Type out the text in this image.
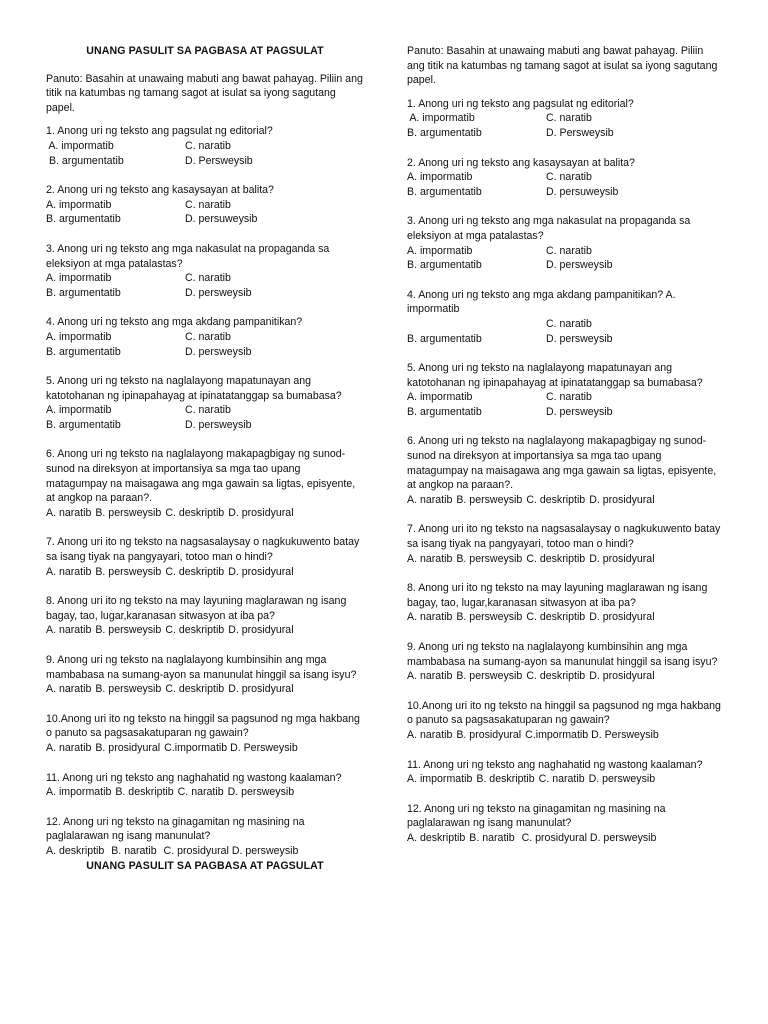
UNANG PASULIT SA PAGBASA AT PAGSULAT

Panuto: Basahin at unawaing mabuti ang bawat pahayag. Piliin ang titik na katumbas ng tamang sagot at isulat sa iyong sagutang papel.

1. Anong uri ng teksto ang pagsulat ng editorial?

A. impormatib	C. naratib
B. argumentatib	D. Persweysib

2. Anong uri ng teksto ang kasaysayan at balita?

A. impormatib	C. naratib
B. argumentatib	D. persuweysib

3. Anong uri ng teksto ang mga nakasulat na propaganda sa eleksiyon at mga patalastas?

A. impormatib	C. naratib
B. argumentatib	D. persweysib

4. Anong uri ng teksto ang mga akdang pampanitikan?

A. impormatib	C. naratib
B. argumentatib	D. persweysib

5. Anong uri ng teksto na naglalayong mapatunayan ang katotohanan ng ipinapahayag at ipinatatanggap sa bumabasa?

A. impormatib	C. naratib
B. argumentatib	D. persweysib

6. Anong uri ng teksto na naglalayong makapagbigay ng sunod-sunod na direksyon at importansiya sa mga tao upang matagumpay na maisagawa ang mga gawain sa ligtas, episyente, at angkop na paraan?.

A. naratib B. persweysib C. deskriptib D. prosidyural

7. Anong uri ito ng teksto na nagsasalaysay o nagkukuwento batay sa isang tiyak na pangyayari, totoo man o hindi?

A. naratib B. persweysib C. deskriptib D. prosidyural

8. Anong uri ito ng teksto na may layuning maglarawan ng isang bagay, tao, lugar,karanasan sitwasyon at iba pa?

A. naratib B. persweysib C. deskriptib D. prosidyural

9. Anong uri ng teksto na naglalayong kumbinsihin ang mga mambabasa na sumang-ayon sa manunulat hinggil sa isang isyu?

A. naratib B. persweysib C. deskriptib D. prosidyural

10.Anong uri ito ng teksto na hinggil sa pagsunod ng mga hakbang o panuto sa pagsasakatuparan ng gawain?

A. naratib B. prosidyural C.impormatib D. Persweysib

11. Anong uri ng teksto ang naghahatid ng wastong kaalaman?

A. impormatib B. deskriptib C. naratib D. persweysib

12. Anong uri ng teksto na ginagamitan ng masining na paglalarawan ng isang manunulat?

A. deskriptib B. naratib C. prosidyural D. persweysib

UNANG PASULIT SA PAGBASA AT PAGSULAT

Panuto: Basahin at unawaing mabuti ang bawat pahayag. Piliin ang titik na katumbas ng tamang sagot at isulat sa iyong sagutang papel.

1. Anong uri ng teksto ang pagsulat ng editorial?

A. impormatib	C. naratib
B. argumentatib	D. Persweysib

2. Anong uri ng teksto ang kasaysayan at balita?

A. impormatib	C. naratib
B. argumentatib	D. persuweysib

3. Anong uri ng teksto ang mga nakasulat na propaganda sa eleksiyon at mga patalastas?

A. impormatib	C. naratib
B. argumentatib	D. persweysib

4. Anong uri ng teksto ang mga akdang pampanitikan? A. impormatib

C. naratib
B. argumentatib	D. persweysib

5. Anong uri ng teksto na naglalayong mapatunayan ang katotohanan ng ipinapahayag at ipinatatanggap sa bumabasa?

A. impormatib	C. naratib
B. argumentatib	D. persweysib

6. Anong uri ng teksto na naglalayong makapagbigay ng sunod-sunod na direksyon at importansiya sa mga tao upang matagumpay na maisagawa ang mga gawain sa ligtas, episyente, at angkop na paraan?.

A. naratib B. persweysib C. deskriptib D. prosidyural

7. Anong uri ito ng teksto na nagsasalaysay o nagkukuwento batay sa isang tiyak na pangyayari, totoo man o hindi?

A. naratib B. persweysib C. deskriptib D. prosidyural

8. Anong uri ito ng teksto na may layuning maglarawan ng isang bagay, tao, lugar,karanasan sitwasyon at iba pa?

A. naratib B. persweysib C. deskriptib D. prosidyural

9. Anong uri ng teksto na naglalayong kumbinsihin ang mga mambabasa na sumang-ayon sa manunulat hinggil sa isang isyu?

A. naratib B. persweysib C. deskriptib D. prosidyural

10.Anong uri ito ng teksto na hinggil sa pagsunod ng mga hakbang o panuto sa pagsasakatuparan ng gawain?

A. naratib B. prosidyural C.impormatib D. Persweysib

11. Anong uri ng teksto ang naghahatid ng wastong kaalaman?

A. impormatib B. deskriptib C. naratib D. persweysib

12. Anong uri ng teksto na ginagamitan ng masining na paglalarawan ng isang manunulat?

A. deskriptib B. naratib C. prosidyural D. persweysib
